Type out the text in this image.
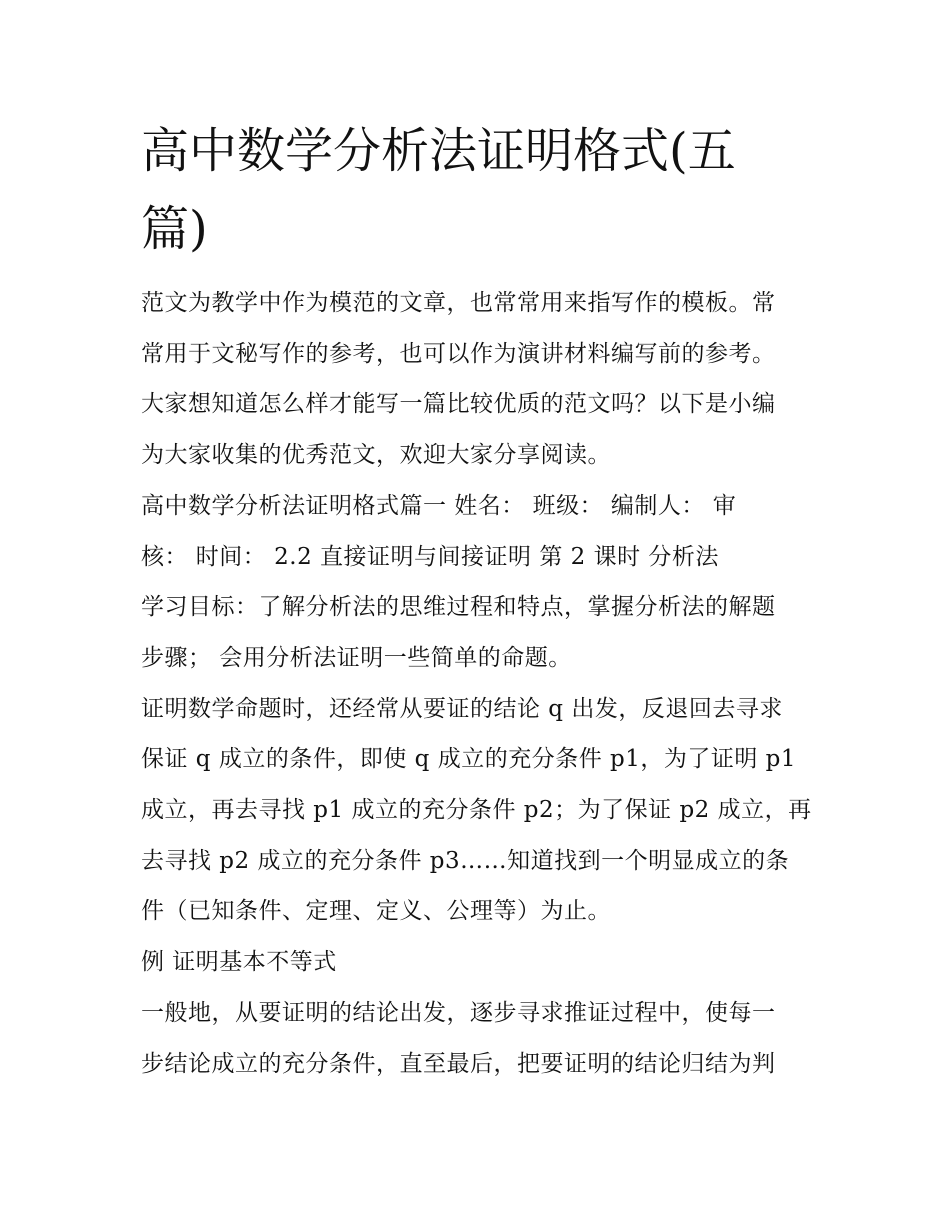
高中数学分析法证明格式(五
篇)
范文为教学中作为模范的文章，也常常用来指写作的模板。常
常用于文秘写作的参考，也可以作为演讲材料编写前的参考。
大家想知道怎么样才能写一篇比较优质的范文吗？以下是小编
为大家收集的优秀范文，欢迎大家分享阅读。
高中数学分析法证明格式篇一 姓名： 班级： 编制人： 审
核： 时间： 2.2 直接证明与间接证明 第 2 课时 分析法
学习目标：了解分析法的思维过程和特点，掌握分析法的解题
步骤； 会用分析法证明一些简单的命题。
证明数学命题时，还经常从要证的结论 q 出发，反退回去寻求
保证 q 成立的条件，即使 q 成立的充分条件 p1，为了证明 p1
成立，再去寻找 p1 成立的充分条件 p2；为了保证 p2 成立，再
去寻找 p2 成立的充分条件 p3……知道找到一个明显成立的条
件（已知条件、定理、定义、公理等）为止。
例 证明基本不等式
一般地，从要证明的结论出发，逐步寻求推证过程中，使每一
步结论成立的充分条件，直至最后，把要证明的结论归结为判
